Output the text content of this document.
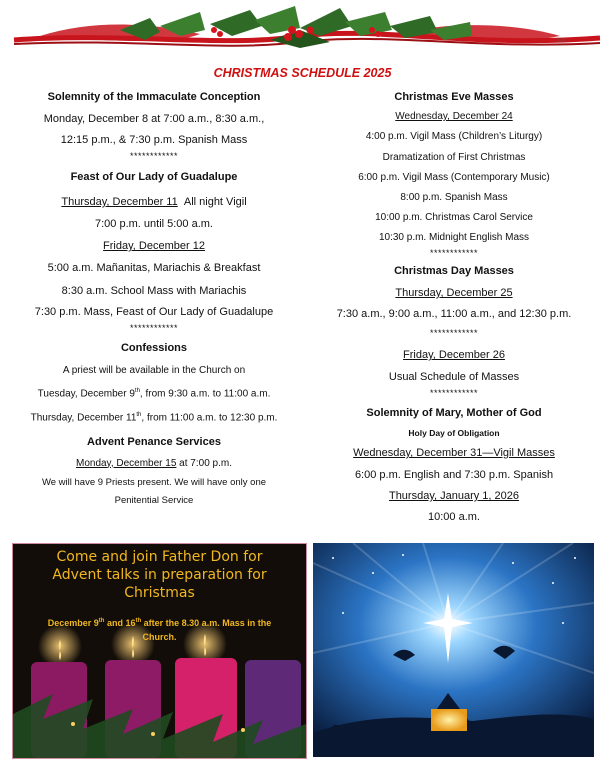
SLR
CHRISTMAS SCHEDULE 2025
Solemnity of the Immaculate Conception
Monday, December 8 at 7:00 a.m., 8:30 a.m.,
12:15 p.m., & 7:30 p.m. Spanish Mass
************
Feast of Our Lady of Guadalupe
Thursday, December 11 All night Vigil
7:00 p.m. until 5:00 a.m.
Friday, December 12
5:00 a.m. Mañanitas, Mariachis & Breakfast
8:30 a.m. School Mass with Mariachis
7:30 p.m. Mass, Feast of Our Lady of Guadalupe
************
Confessions
A priest will be available in the Church on
Tuesday, December 9th, from 9:30 a.m. to 11:00 a.m.
Thursday, December 11th, from 11:00 a.m. to 12:30 p.m.
Advent Penance Services
Monday, December 15 at 7:00 p.m.
We will have 9 Priests present. We will have only one
Penitential Service
Christmas Eve Masses
Wednesday, December 24
4:00 p.m. Vigil Mass (Children’s Liturgy)
Dramatization of First Christmas
6:00 p.m. Vigil Mass (Contemporary Music)
8:00 p.m. Spanish Mass
10:00 p.m. Christmas Carol Service
10:30 p.m. Midnight English Mass
************
Christmas Day Masses
Thursday, December 25
7:30 a.m., 9:00 a.m., 11:00 a.m., and 12:30 p.m.
************
Friday, December 26
Usual Schedule of Masses
************
Solemnity of Mary, Mother of God
Holy Day of Obligation
Wednesday, December 31—Vigil Masses
6:00 p.m. English and 7:30 p.m. Spanish
Thursday, January 1, 2026
10:00 a.m.
Come and join Father Don for
Advent talks in preparation for
Christmas
December 9th and 16th after the 8.30 a.m. Mass in the
Church.
